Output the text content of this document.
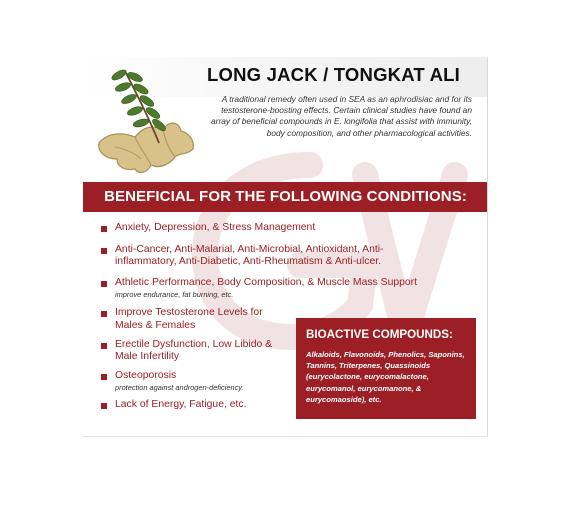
LONG JACK / TONGKAT ALI
A traditional remedy often used in SEA as an aphrodisiac and for its testosterone-boosting effects. Certain clinical studies have found an array of beneficial compounds in E. longifolia that assist with immunity, body composition, and other pharmacological activities.
BENEFICIAL FOR THE FOLLOWING CONDITIONS:
Anxiety, Depression, & Stress Management
Anti-Cancer, Anti-Malarial, Anti-Microbial, Antioxidant, Anti-inflammatory, Anti-Diabetic, Anti-Rheumatism & Anti-ulcer.
Athletic Performance, Body Composition, & Muscle Mass Support
improve endurance, fat burning, etc.
Improve Testosterone Levels for Males & Females
Erectile Dysfunction, Low Libido & Male Infertility
Osteoporosis
protection against androgen-deficiency.
Lack of Energy, Fatigue, etc.
BIOACTIVE COMPOUNDS:
Alkaloids, Flavonoids, Phenolics, Saponins, Tannins, Triterpenes, Quassinoids (eurycolactone, eurycomalactone, eurycomanol, eurycomanone, & eurycomaoside), etc.
